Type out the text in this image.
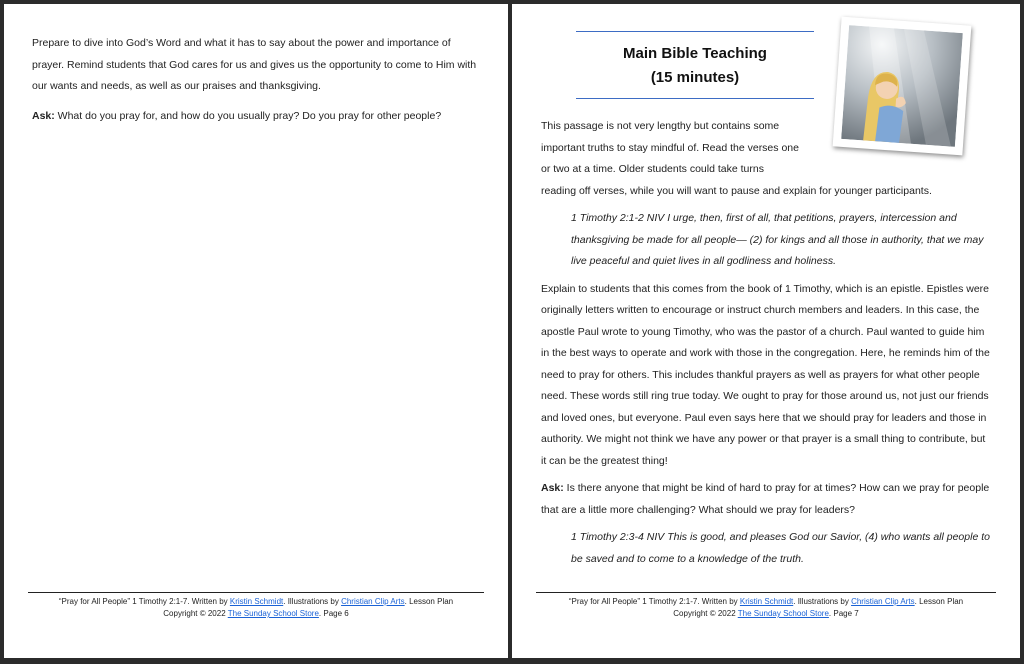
Prepare to dive into God’s Word and what it has to say about the power and importance of prayer. Remind students that God cares for us and gives us the opportunity to come to Him with our wants and needs, as well as our praises and thanksgiving.

Ask: What do you pray for, and how do you usually pray? Do you pray for other people?

“Pray for All People” 1 Timothy 2:1-7. Written by Kristin Schmidt. Illustrations by Christian Clip Arts. Lesson Plan
Copyright © 2022 The Sunday School Store. Page 6
Main Bible Teaching
(15 minutes)

This passage is not very lengthy but contains some important truths to stay mindful of. Read the verses one or two at a time. Older students could take turns

reading off verses, while you will want to pause and explain for younger participants.

1 Timothy 2:1-2 NIV I urge, then, first of all, that petitions, prayers, intercession and thanksgiving be made for all people— (2) for kings and all those in authority, that we may live peaceful and quiet lives in all godliness and holiness.

Explain to students that this comes from the book of 1 Timothy, which is an epistle. Epistles were originally letters written to encourage or instruct church members and leaders. In this case, the apostle Paul wrote to young Timothy, who was the pastor of a church. Paul wanted to guide him in the best ways to operate and work with those in the congregation. Here, he reminds him of the need to pray for others. This includes thankful prayers as well as prayers for what other people need. These words still ring true today. We ought to pray for those around us, not just our friends and loved ones, but everyone. Paul even says here that we should pray for leaders and those in authority. We might not think we have any power or that prayer is a small thing to contribute, but it can be the greatest thing!

Ask: Is there anyone that might be kind of hard to pray for at times? How can we pray for people that are a little more challenging? What should we pray for leaders?

1 Timothy 2:3-4 NIV This is good, and pleases God our Savior, (4) who wants all people to be saved and to come to a knowledge of the truth.

“Pray for All People” 1 Timothy 2:1-7. Written by Kristin Schmidt. Illustrations by Christian Clip Arts. Lesson Plan
Copyright © 2022 The Sunday School Store. Page 7
